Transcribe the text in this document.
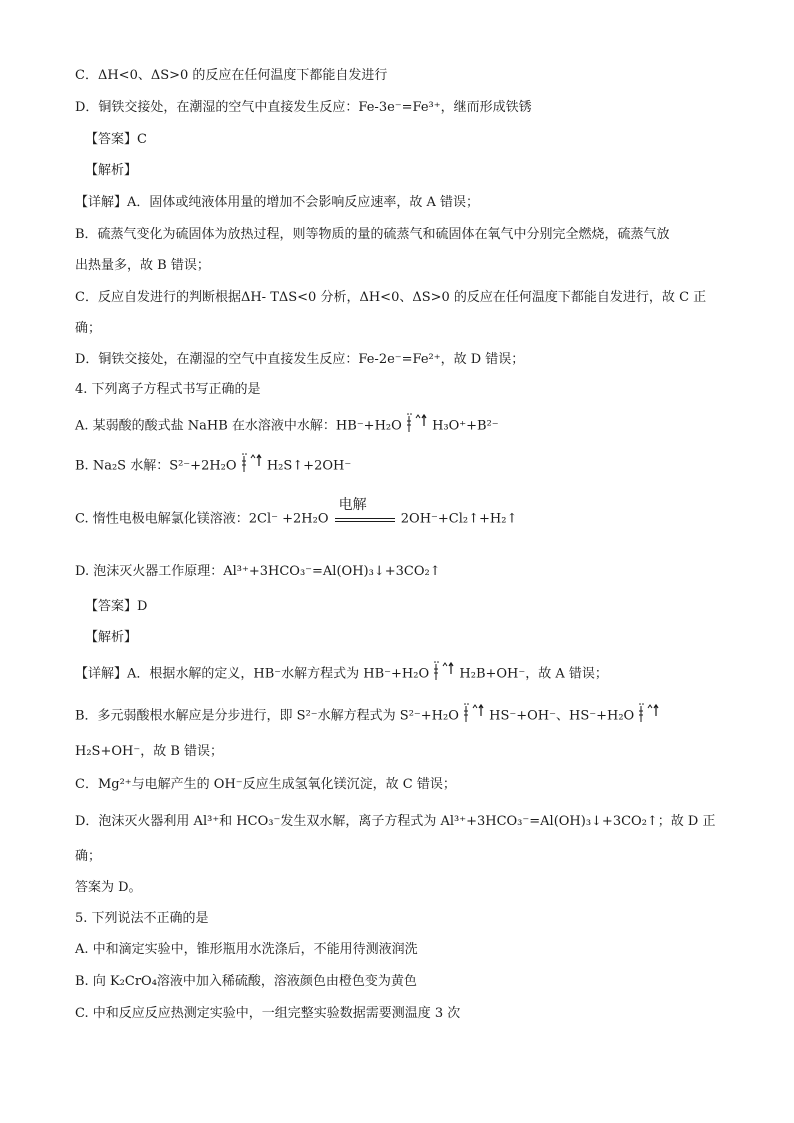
C．ΔH<0、ΔS>0 的反应在任何温度下都能自发进行
D．铜铁交接处，在潮湿的空气中直接发生反应：Fe-3e⁻=Fe³⁺，继而形成铁锈
【答案】C
【解析】
【详解】A．固体或纯液体用量的增加不会影响反应速率，故 A 错误；
B．硫蒸气变化为硫固体为放热过程，则等物质的量的硫蒸气和硫固体在氧气中分别完全燃烧，硫蒸气放
出热量多，故 B 错误；
C．反应自发进行的判断根据ΔH- TΔS<0 分析，ΔH<0、ΔS>0 的反应在任何温度下都能自发进行，故 C 正
确；
D．铜铁交接处，在潮湿的空气中直接发生反应：Fe-2e⁻=Fe²⁺，故 D 错误；
4. 下列离子方程式书写正确的是
A. 某弱酸的酸式盐 NaHB 在水溶液中水解：HB⁻+H₂O H₃O⁺+B²⁻
B. Na₂S 水解：S²⁻+2H₂O H₂S↑+2OH⁻
C. 惰性电极电解氯化镁溶液：2Cl⁻ +2H₂O
电解
2OH⁻+Cl₂↑+H₂↑
D. 泡沫灭火器工作原理：Al³⁺+3HCO₃⁻=Al(OH)₃↓+3CO₂↑
【答案】D
【解析】
【详解】A．根据水解的定义，HB⁻水解方程式为 HB⁻+H₂O H₂B+OH⁻，故 A 错误；
B．多元弱酸根水解应是分步进行，即 S²⁻水解方程式为 S²⁻+H₂O HS⁻+OH⁻、HS⁻+H₂O
H₂S+OH⁻，故 B 错误；
C．Mg²⁺与电解产生的 OH⁻反应生成氢氧化镁沉淀，故 C 错误；
D．泡沫灭火器利用 Al³⁺和 HCO₃⁻发生双水解，离子方程式为 Al³⁺+3HCO₃⁻=Al(OH)₃↓+3CO₂↑；故 D 正
确；
答案为 D。
5. 下列说法不正确的是
A. 中和滴定实验中，锥形瓶用水洗涤后，不能用待测液润洗
B. 向 K₂CrO₄溶液中加入稀硫酸，溶液颜色由橙色变为黄色
C. 中和反应反应热测定实验中，一组完整实验数据需要测温度 3 次
